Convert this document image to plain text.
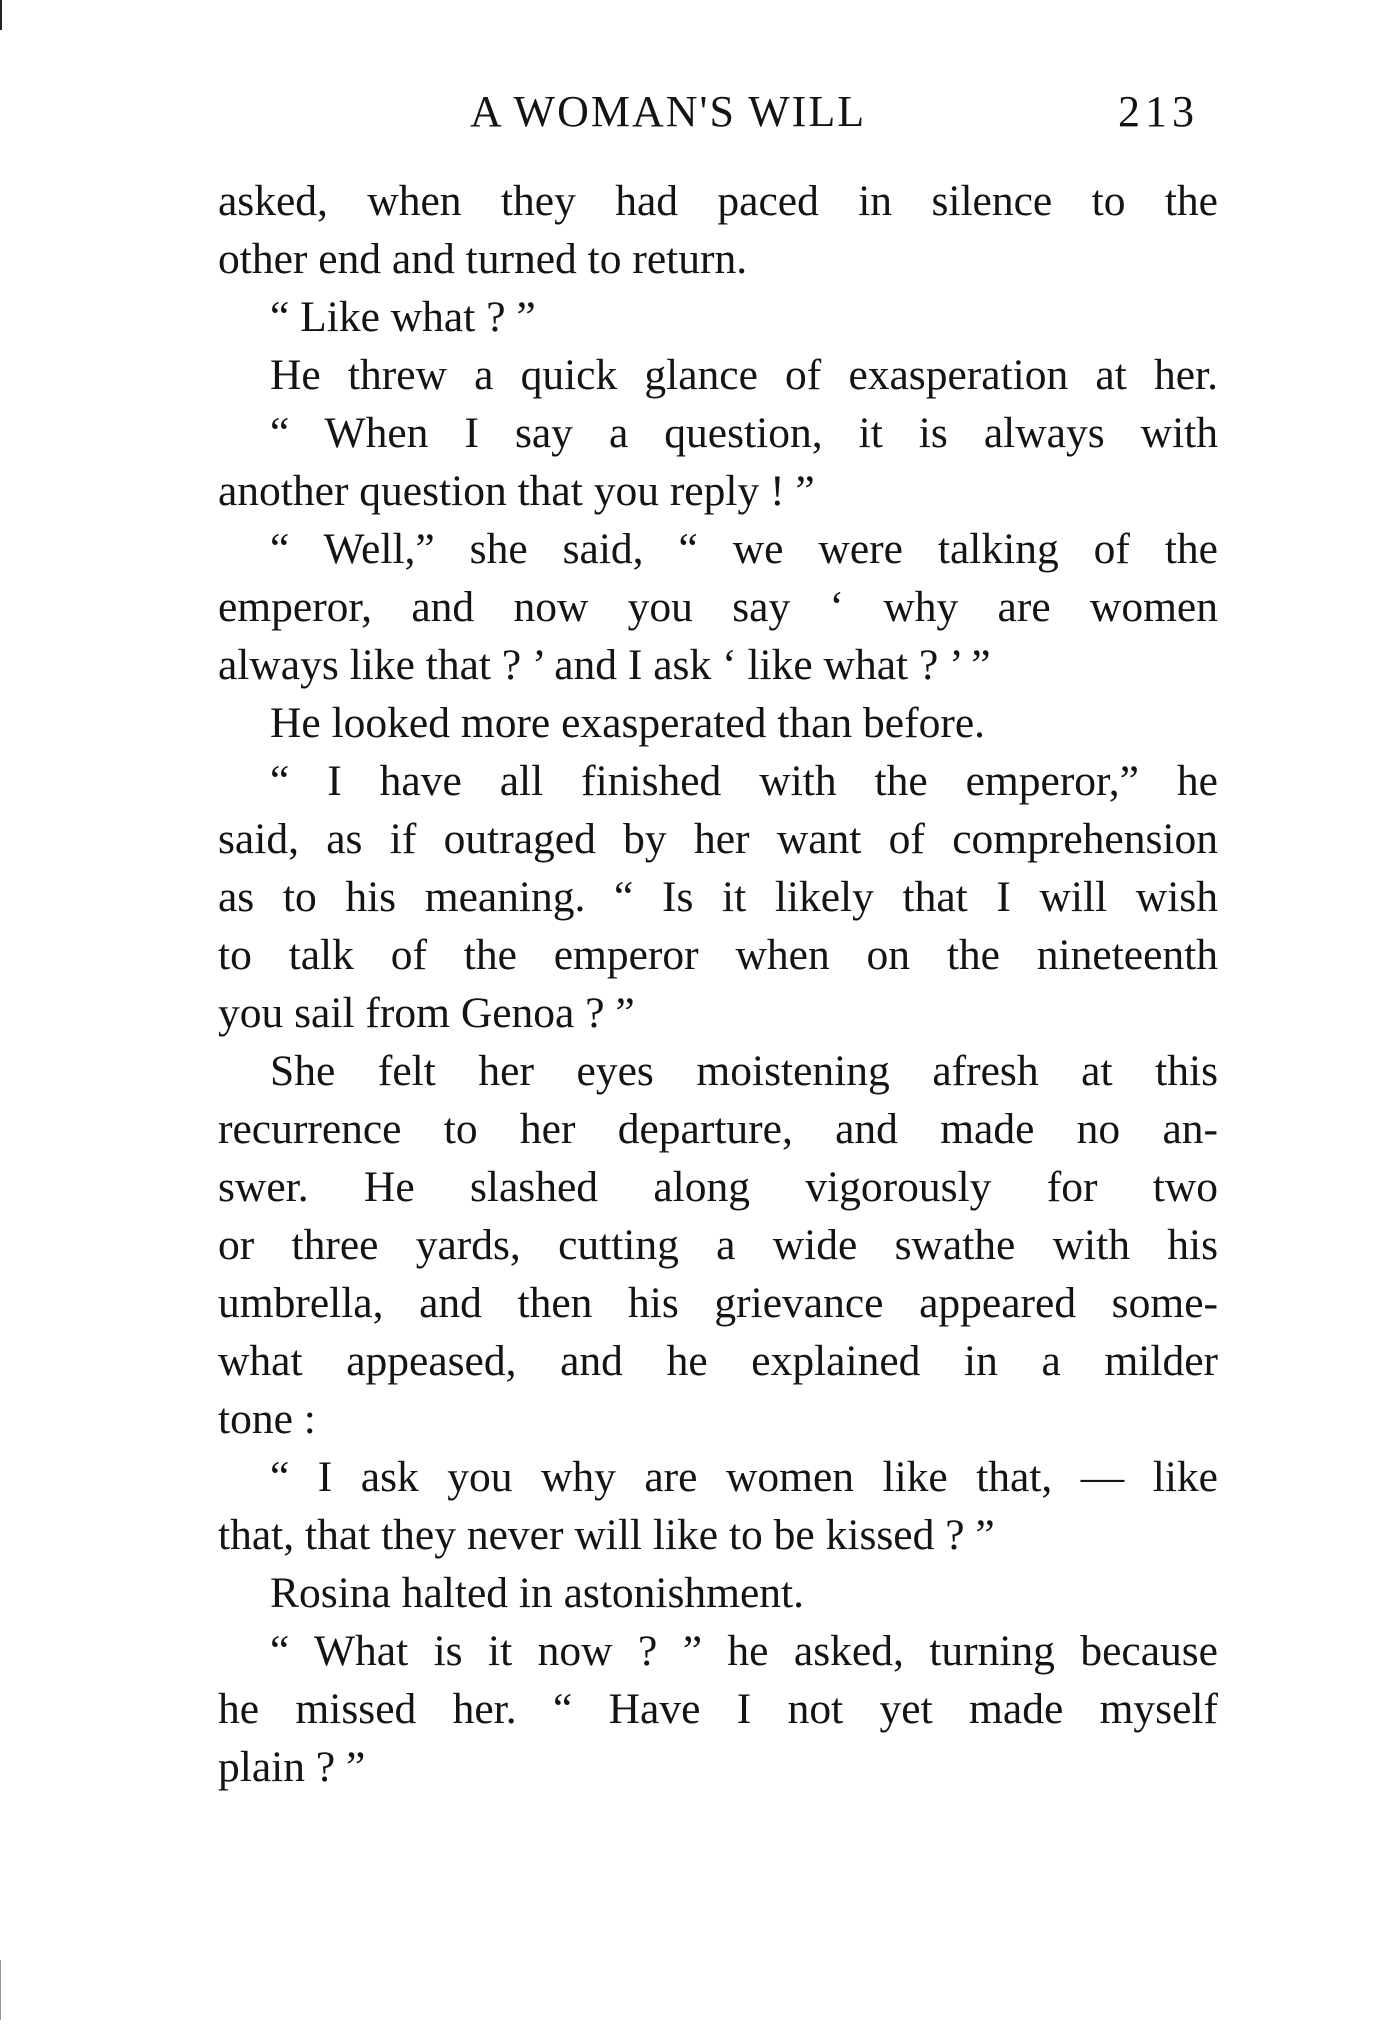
A WOMAN'S WILL	213
asked, when they had paced in silence to the
other end and turned to return.
“ Like what ? ”
He threw a quick glance of exasperation at her.
“ When I say a question, it is always with
another question that you reply ! ”
“ Well,” she said, “ we were talking of the
emperor, and now you say ‘ why are women
always like that ? ’ and I ask ‘ like what ? ’ ”
He looked more exasperated than before.
“ I have all finished with the emperor,” he
said, as if outraged by her want of comprehension
as to his meaning. “ Is it likely that I will wish
to talk of the emperor when on the nineteenth
you sail from Genoa ? ”
She felt her eyes moistening afresh at this
recurrence to her departure, and made no an-
swer. He slashed along vigorously for two
or three yards, cutting a wide swathe with his
umbrella, and then his grievance appeared some-
what appeased, and he explained in a milder
tone :
“ I ask you why are women like that, — like
that, that they never will like to be kissed ? ”
Rosina halted in astonishment.
“ What is it now ? ” he asked, turning because
he missed her. “ Have I not yet made myself
plain ? ”
